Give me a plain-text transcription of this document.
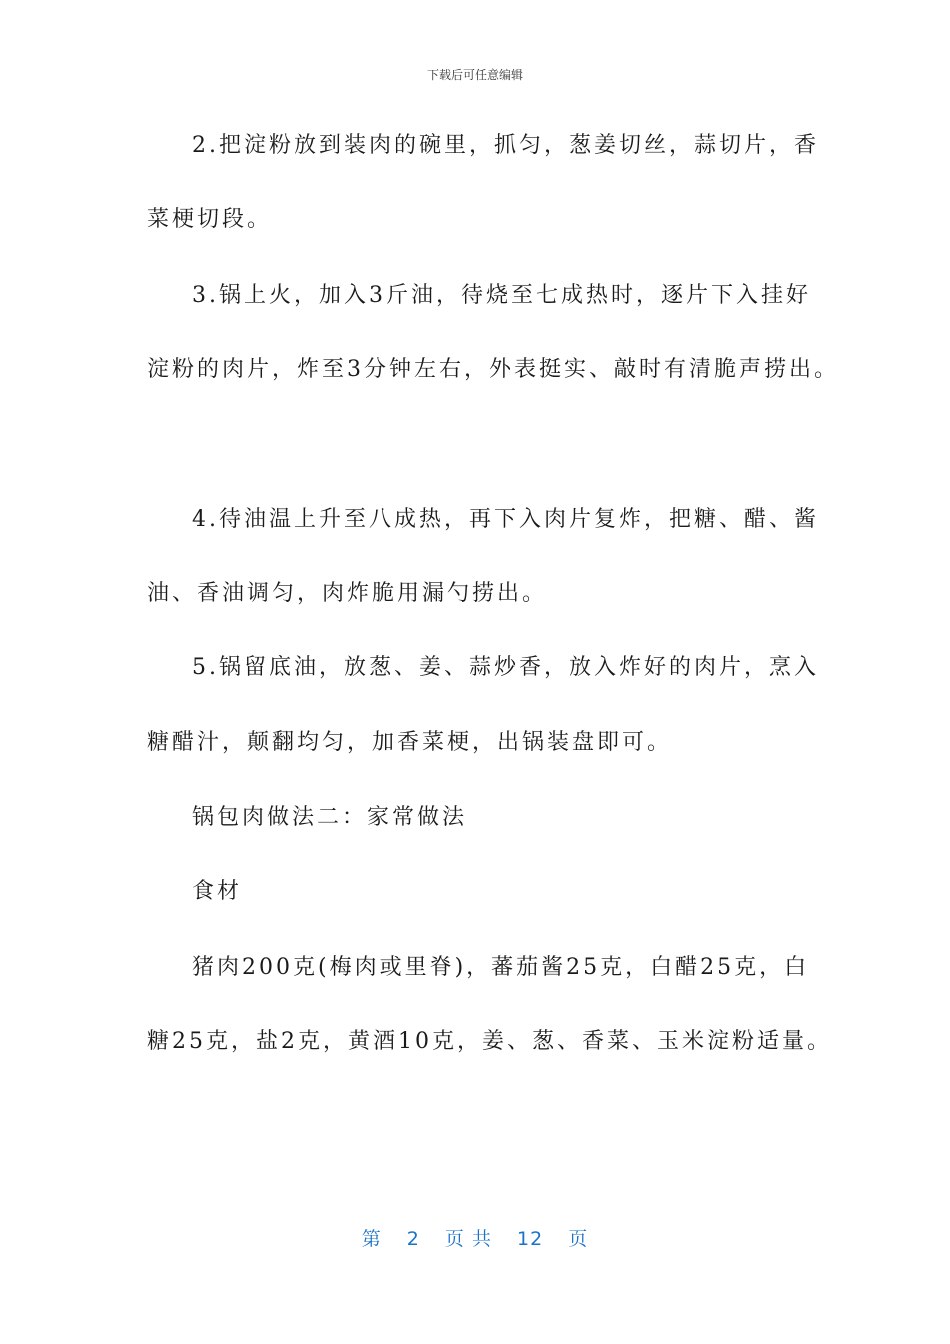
下载后可任意编辑
2.把淀粉放到装肉的碗里，抓匀，葱姜切丝，蒜切片，香
菜梗切段。
3.锅上火，加入3斤油，待烧至七成热时，逐片下入挂好
淀粉的肉片，炸至3分钟左右，外表挺实、敲时有清脆声捞出。
4.待油温上升至八成热，再下入肉片复炸，把糖、醋、酱
油、香油调匀，肉炸脆用漏勺捞出。
5.锅留底油，放葱、姜、蒜炒香，放入炸好的肉片，烹入
糖醋汁，颠翻均匀，加香菜梗，出锅装盘即可。
锅包肉做法二：家常做法
食材
猪肉200克(梅肉或里脊)，蕃茄酱25克，白醋25克，白
糖25克，盐2克，黄酒10克，姜、葱、香菜、玉米淀粉适量。
第 2 页 共 12 页
